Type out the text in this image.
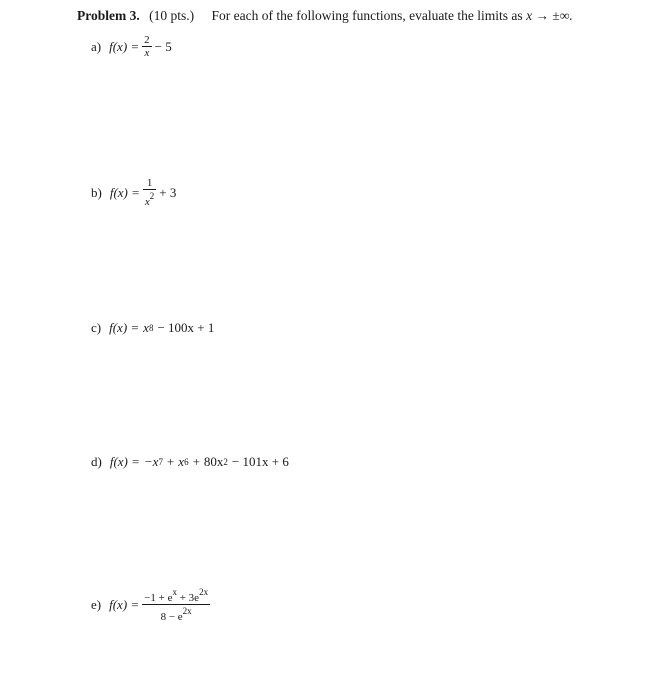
Problem 3. (10 pts.) For each of the following functions, evaluate the limits as x → ±∞.
a) $f(x) = \frac{2}{x} - 5$
b) $f(x) = \frac{1}{x^2} + 3$
c) f(x) = x 8 − 100x + 1
d) f(x) = −x 7 + x 6 + 80x 2 − 101x + 6
e) $f(x) = \frac{-1 + e^x + 3e^{2x}}{8 - e^{2x}}$
